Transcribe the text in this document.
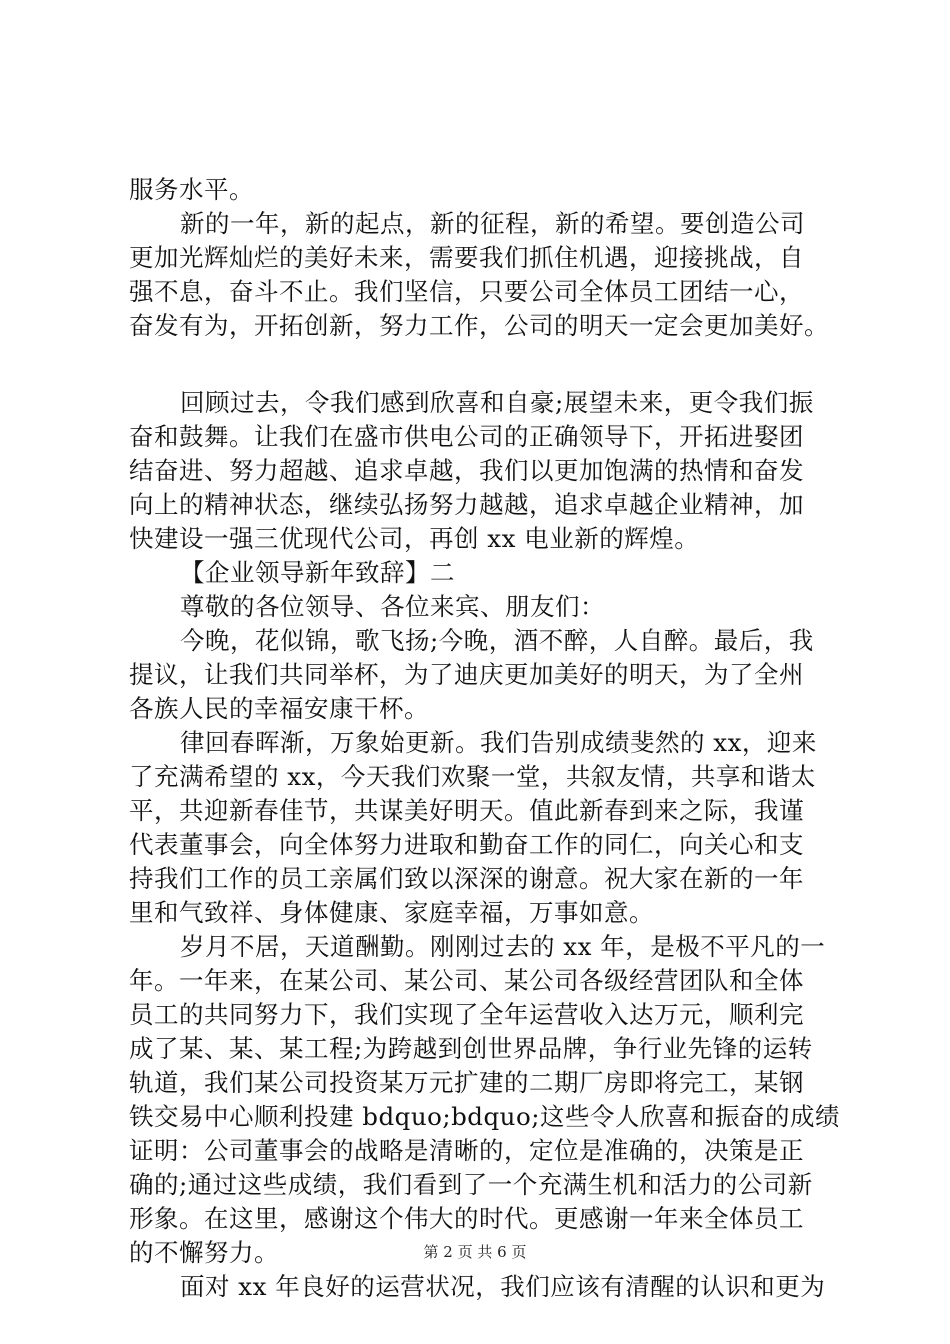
服务水平。
新的一年，新的起点，新的征程，新的希望。要创造公司
更加光辉灿烂的美好未来，需要我们抓住机遇，迎接挑战，自
强不息，奋斗不止。我们坚信，只要公司全体员工团结一心，
奋发有为，开拓创新，努力工作，公司的明天一定会更加美好。
回顾过去，令我们感到欣喜和自豪;展望未来，更令我们振
奋和鼓舞。让我们在盛市供电公司的正确领导下，开拓进娶团
结奋进、努力超越、追求卓越，我们以更加饱满的热情和奋发
向上的精神状态，继续弘扬努力越越，追求卓越企业精神，加
快建设一强三优现代公司，再创 xx 电业新的辉煌。
【企业领导新年致辞】二
尊敬的各位领导、各位来宾、朋友们：
今晚，花似锦，歌飞扬;今晚，酒不醉，人自醉。最后，我
提议，让我们共同举杯，为了迪庆更加美好的明天，为了全州
各族人民的幸福安康干杯。
律回春晖渐，万象始更新。我们告别成绩斐然的 xx，迎来
了充满希望的 xx，今天我们欢聚一堂，共叙友情，共享和谐太
平，共迎新春佳节，共谋美好明天。值此新春到来之际，我谨
代表董事会，向全体努力进取和勤奋工作的同仁，向关心和支
持我们工作的员工亲属们致以深深的谢意。祝大家在新的一年
里和气致祥、身体健康、家庭幸福，万事如意。
岁月不居，天道酬勤。刚刚过去的 xx 年，是极不平凡的一
年。一年来，在某公司、某公司、某公司各级经营团队和全体
员工的共同努力下，我们实现了全年运营收入达万元，顺利完
成了某、某、某工程;为跨越到创世界品牌，争行业先锋的运转
轨道，我们某公司投资某万元扩建的二期厂房即将完工，某钢
铁交易中心顺利投建 bdquo;bdquo;这些令人欣喜和振奋的成绩
证明：公司董事会的战略是清晰的，定位是准确的，决策是正
确的;通过这些成绩，我们看到了一个充满生机和活力的公司新
形象。在这里，感谢这个伟大的时代。更感谢一年来全体员工
的不懈努力。
面对 xx 年良好的运营状况，我们应该有清醒的认识和更为
第 2 页 共 6 页
